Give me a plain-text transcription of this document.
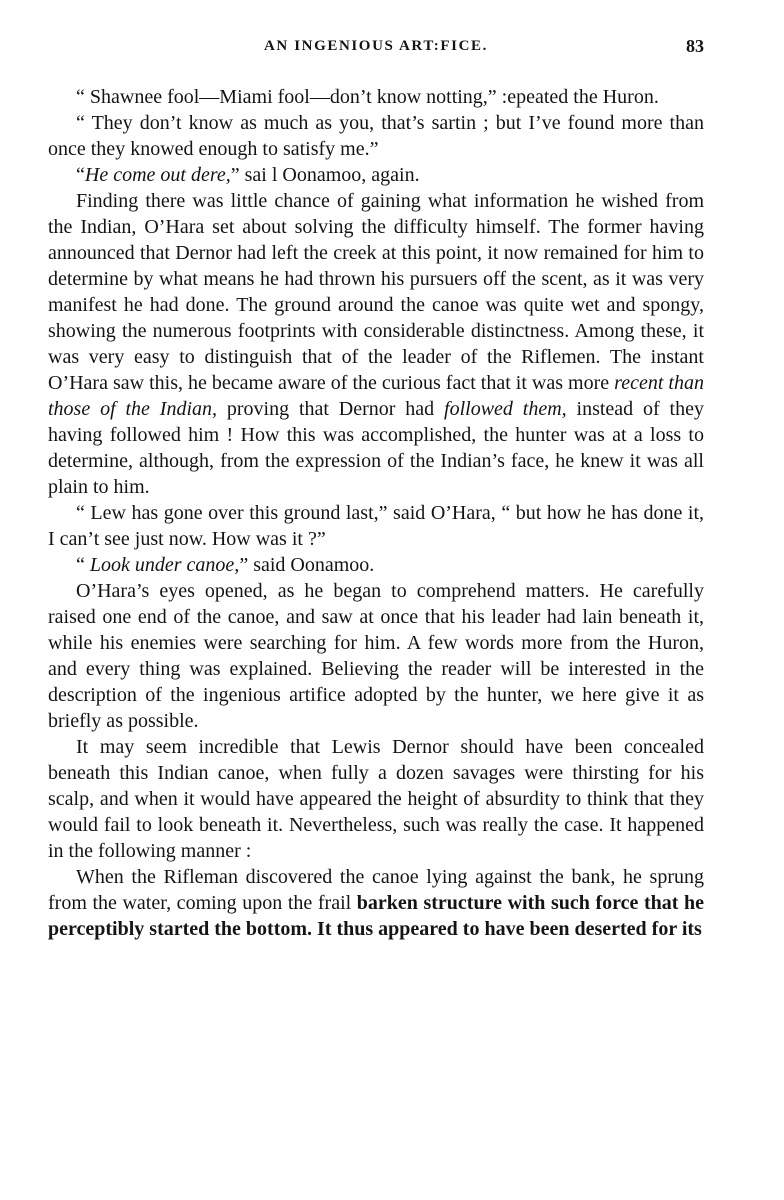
AN INGENIOUS ART:FICE.	83

“ Shawnee fool—Miami fool—don’t know notting,” :epeated the Huron.

“ They don’t know as much as you, that’s sartin ; but I’ve found more than once they knowed enough to satisfy me.”

“He come out dere,” sai l Oonamoo, again.

Finding there was little chance of gaining what information he wished from the Indian, O’Hara set about solving the difficulty himself. The former having announced that Dernor had left the creek at this point, it now remained for him to determine by what means he had thrown his pursuers off the scent, as it was very manifest he had done. The ground around the canoe was quite wet and spongy, showing the numerous footprints with considerable distinctness. Among these, it was very easy to distinguish that of the leader of the Riflemen. The instant O’Hara saw this, he became aware of the curious fact that it was more recent than those of the Indian, proving that Dernor had followed them, instead of they having followed him ! How this was accomplished, the hunter was at a loss to determine, although, from the expression of the Indian’s face, he knew it was all plain to him.

“ Lew has gone over this ground last,” said O’Hara, “ but how he has done it, I can’t see just now. How was it ?”

“ Look under canoe,” said Oonamoo.

O’Hara’s eyes opened, as he began to comprehend matters. He carefully raised one end of the canoe, and saw at once that his leader had lain beneath it, while his enemies were searching for him. A few words more from the Huron, and every thing was explained. Believing the reader will be interested in the description of the ingenious artifice adopted by the hunter, we here give it as briefly as possible.

It may seem incredible that Lewis Dernor should have been concealed beneath this Indian canoe, when fully a dozen savages were thirsting for his scalp, and when it would have appeared the height of absurdity to think that they would fail to look beneath it. Nevertheless, such was really the case. It happened in the following manner :

When the Rifleman discovered the canoe lying against the bank, he sprung from the water, coming upon the frail barken structure with such force that he perceptibly started the bottom. It thus appeared to have been deserted for its
